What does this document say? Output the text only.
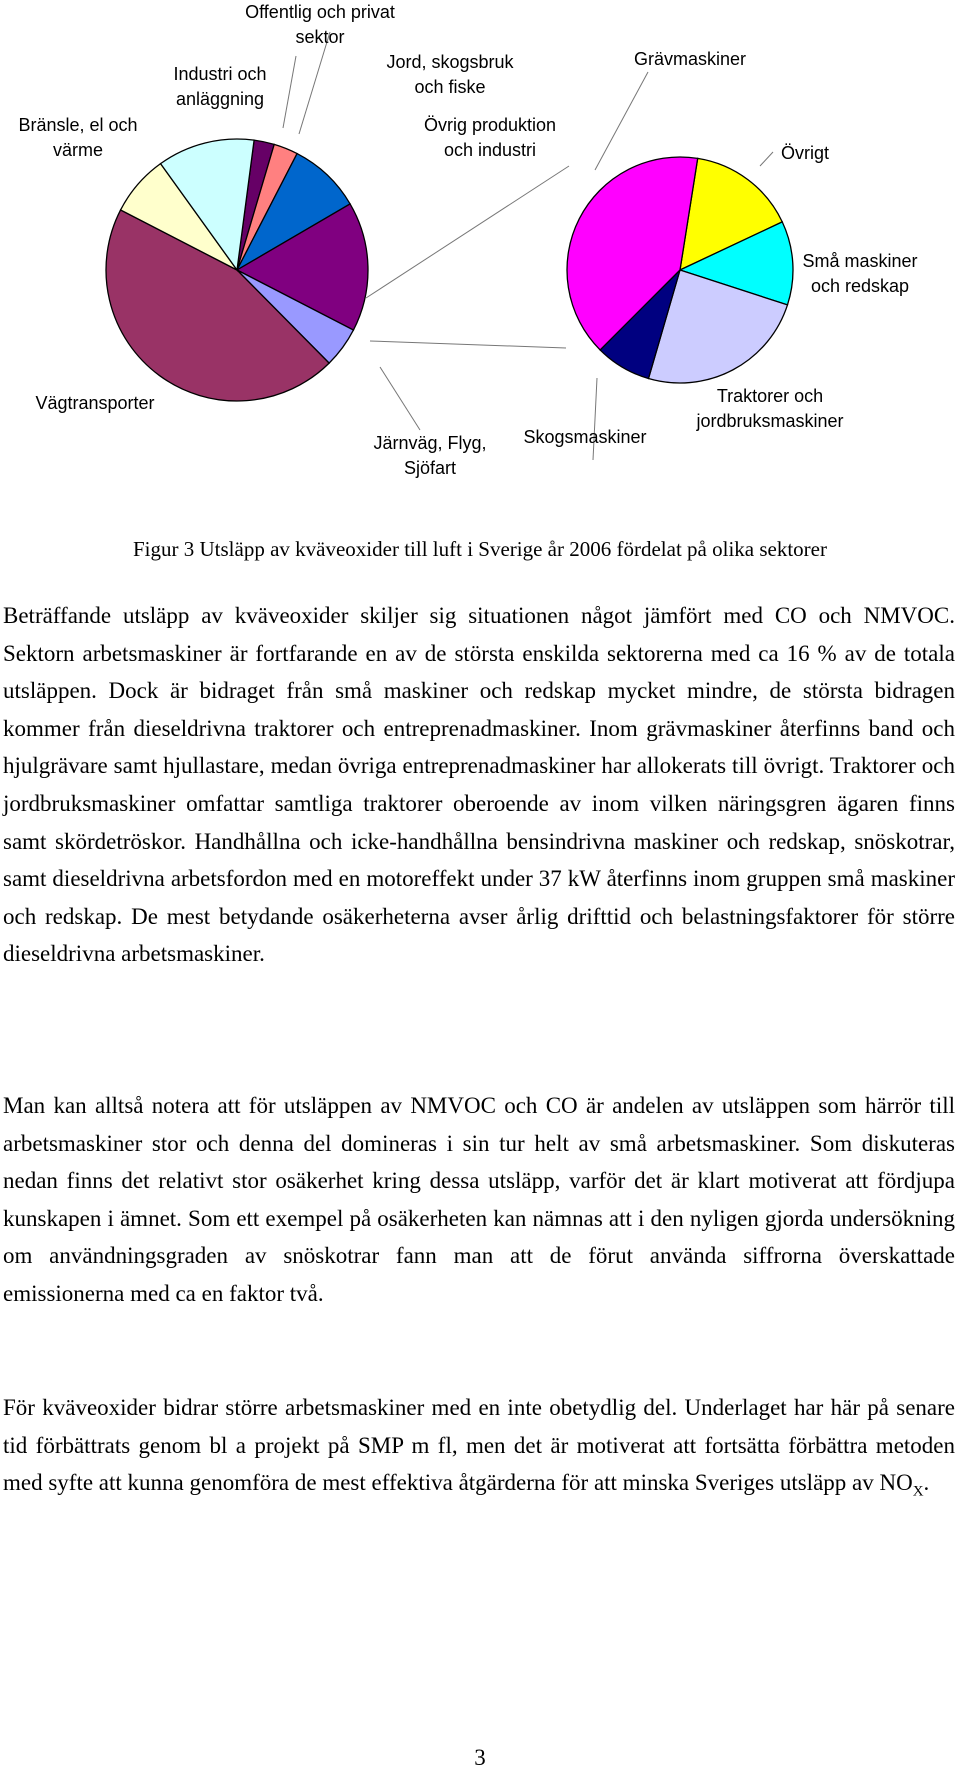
Bränsle, el och
värme
Industri och
anläggning
Offentlig och privat
sektor
Jord, skogsbruk
och fiske
Övrig produktion
och industri
Vägtransporter
Järnväg, Flyg,
Sjöfart
Skogsmaskiner
Grävmaskiner
Övrigt
Små maskiner
och redskap
Traktorer och
jordbruksmaskiner
Figur 3 Utsläpp av kväveoxider till luft i Sverige år 2006 fördelat på olika sektorer

Beträffande utsläpp av kväveoxider skiljer sig situationen något jämfört med CO och NMVOC. Sektorn arbetsmaskiner är fortfarande en av de största enskilda sektorerna med ca 16 % av de totala utsläppen. Dock är bidraget från små maskiner och redskap mycket mindre, de största bidragen kommer från dieseldrivna traktorer och entreprenadmaskiner. Inom grävmaskiner återfinns band och hjulgrävare samt hjullastare, medan övriga entreprenadmaskiner har allokerats till övrigt. Traktorer och jordbruksmaskiner omfattar samtliga traktorer oberoende av inom vilken näringsgren ägaren finns samt skördetröskor. Handhållna och icke-handhållna bensindrivna maskiner och redskap, snöskotrar, samt dieseldrivna arbetsfordon med en motoreffekt under 37 kW återfinns inom gruppen små maskiner och redskap. De mest betydande osäkerheterna avser årlig drifttid och belastningsfaktorer för större dieseldrivna arbetsmaskiner.

Man kan alltså notera att för utsläppen av NMVOC och CO är andelen av utsläppen som härrör till arbetsmaskiner stor och denna del domineras i sin tur helt av små arbetsmaskiner. Som diskuteras nedan finns det relativt stor osäkerhet kring dessa utsläpp, varför det är klart motiverat att fördjupa kunskapen i ämnet. Som ett exempel på osäkerheten kan nämnas att i den nyligen gjorda undersökning om användningsgraden av snöskotrar fann man att de förut använda siffrorna överskattade emissionerna med ca en faktor två.

För kväveoxider bidrar större arbetsmaskiner med en inte obetydlig del. Underlaget har här på senare tid förbättrats genom bl a projekt på SMP m fl, men det är motiverat att fortsätta förbättra metoden med syfte att kunna genomföra de mest effektiva åtgärderna för att minska Sveriges utsläpp av $NO_X$.

3
